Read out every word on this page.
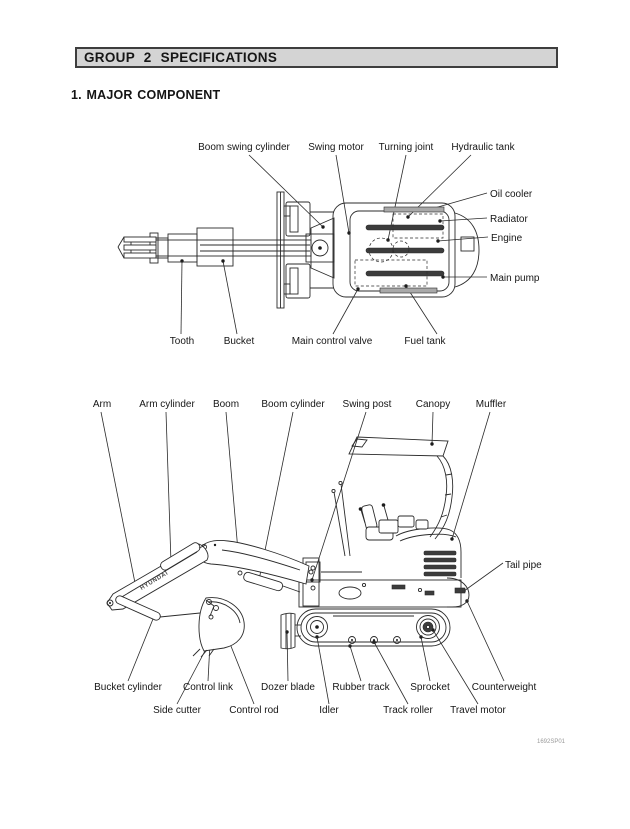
GROUP 2 SPECIFICATIONS
1. MAJOR COMPONENT
Boom swing cylinder Swing motor Turning joint Hydraulic tank
Oil cooler
Radiator
Engine
Main pump
Tooth	Bucket	Main control valve	Fuel tank
HYUNDAI
Arm	Arm cylinder Boom Boom cylinder Swing post Canopy	Muffler
Tail pipe
Bucket cylinder Control link	Dozer blade Rubber track Sprocket Counterweight
Side cutter	Control rod	Idler	Track roller Travel motor
1692SP01
